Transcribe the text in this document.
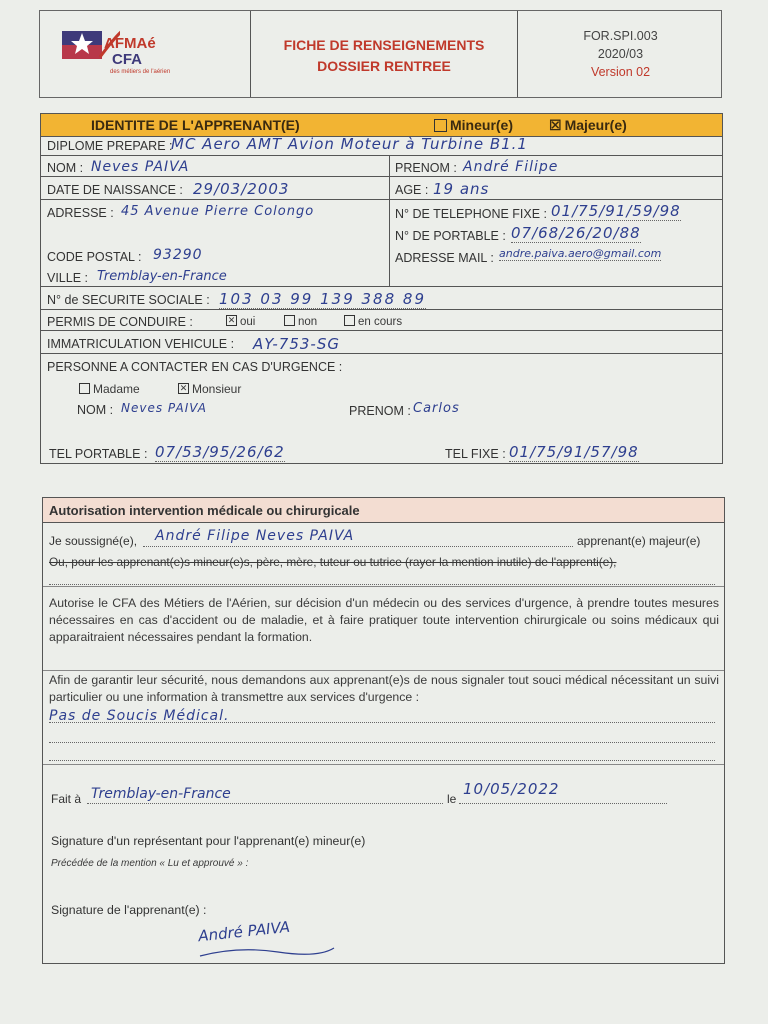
AFMAé
CFA
des métiers de l'aérien
FICHE DE RENSEIGNEMENTS
DOSSIER RENTREE
FOR.SPI.003
2020/03
Version 02
IDENTITE DE L'APPRENANT(E)	Mineur(e)	☒ Majeur(e)
DIPLOME PREPARE :
MC Aero AMT Avion Moteur à Turbine B1.1
NOM : Neves PAIVA	PRENOM : André Filipe
DATE DE NAISSANCE : 29/03/2003	AGE : 19 ans
ADRESSE : 45 Avenue Pierre Colongo	N° DE TELEPHONE FIXE : 01/75/91/59/98
N° DE PORTABLE : 07/68/26/20/88
CODE POSTAL : 93290	ADRESSE MAIL : andre.paiva.aero@gmail.com
VILLE : Tremblay-en-France
N° de SECURITE SOCIALE : 103 03 99 139 388 89
PERMIS DE CONDUIRE :	✕ oui	non	en cours
IMMATRICULATION VEHICULE : AY-753-SG
PERSONNE A CONTACTER EN CAS D'URGENCE :
Madame	✕ Monsieur
NOM : Neves PAIVA	PRENOM : Carlos
TEL PORTABLE : 07/53/95/26/62	TEL FIXE : 01/75/91/57/98
Autorisation intervention médicale ou chirurgicale
Je soussigné(e), André Filipe Neves PAIVA	apprenant(e) majeur(e)
Ou, pour les apprenant(e)s mineur(e)s, père, mère, tuteur ou tutrice (rayer la mention inutile) de l'apprenti(e),
Autorise le CFA des Métiers de l'Aérien, sur décision d'un médecin ou des services d'urgence, à prendre toutes mesures nécessaires en cas d'accident ou de maladie, et à faire pratiquer toute intervention chirurgicale ou soins médicaux qui apparaitraient nécessaires pendant la formation.
Afin de garantir leur sécurité, nous demandons aux apprenant(e)s de nous signaler tout souci médical nécessitant un suivi particulier ou une information à transmettre aux services d'urgence :
Pas de Soucis Médical.
Fait à Tremblay-en-France	le
10/05/2022
Signature d'un représentant pour l'apprenant(e) mineur(e)
Précédée de la mention « Lu et approuvé » :
Signature de l'apprenant(e) :
André PAIVA
